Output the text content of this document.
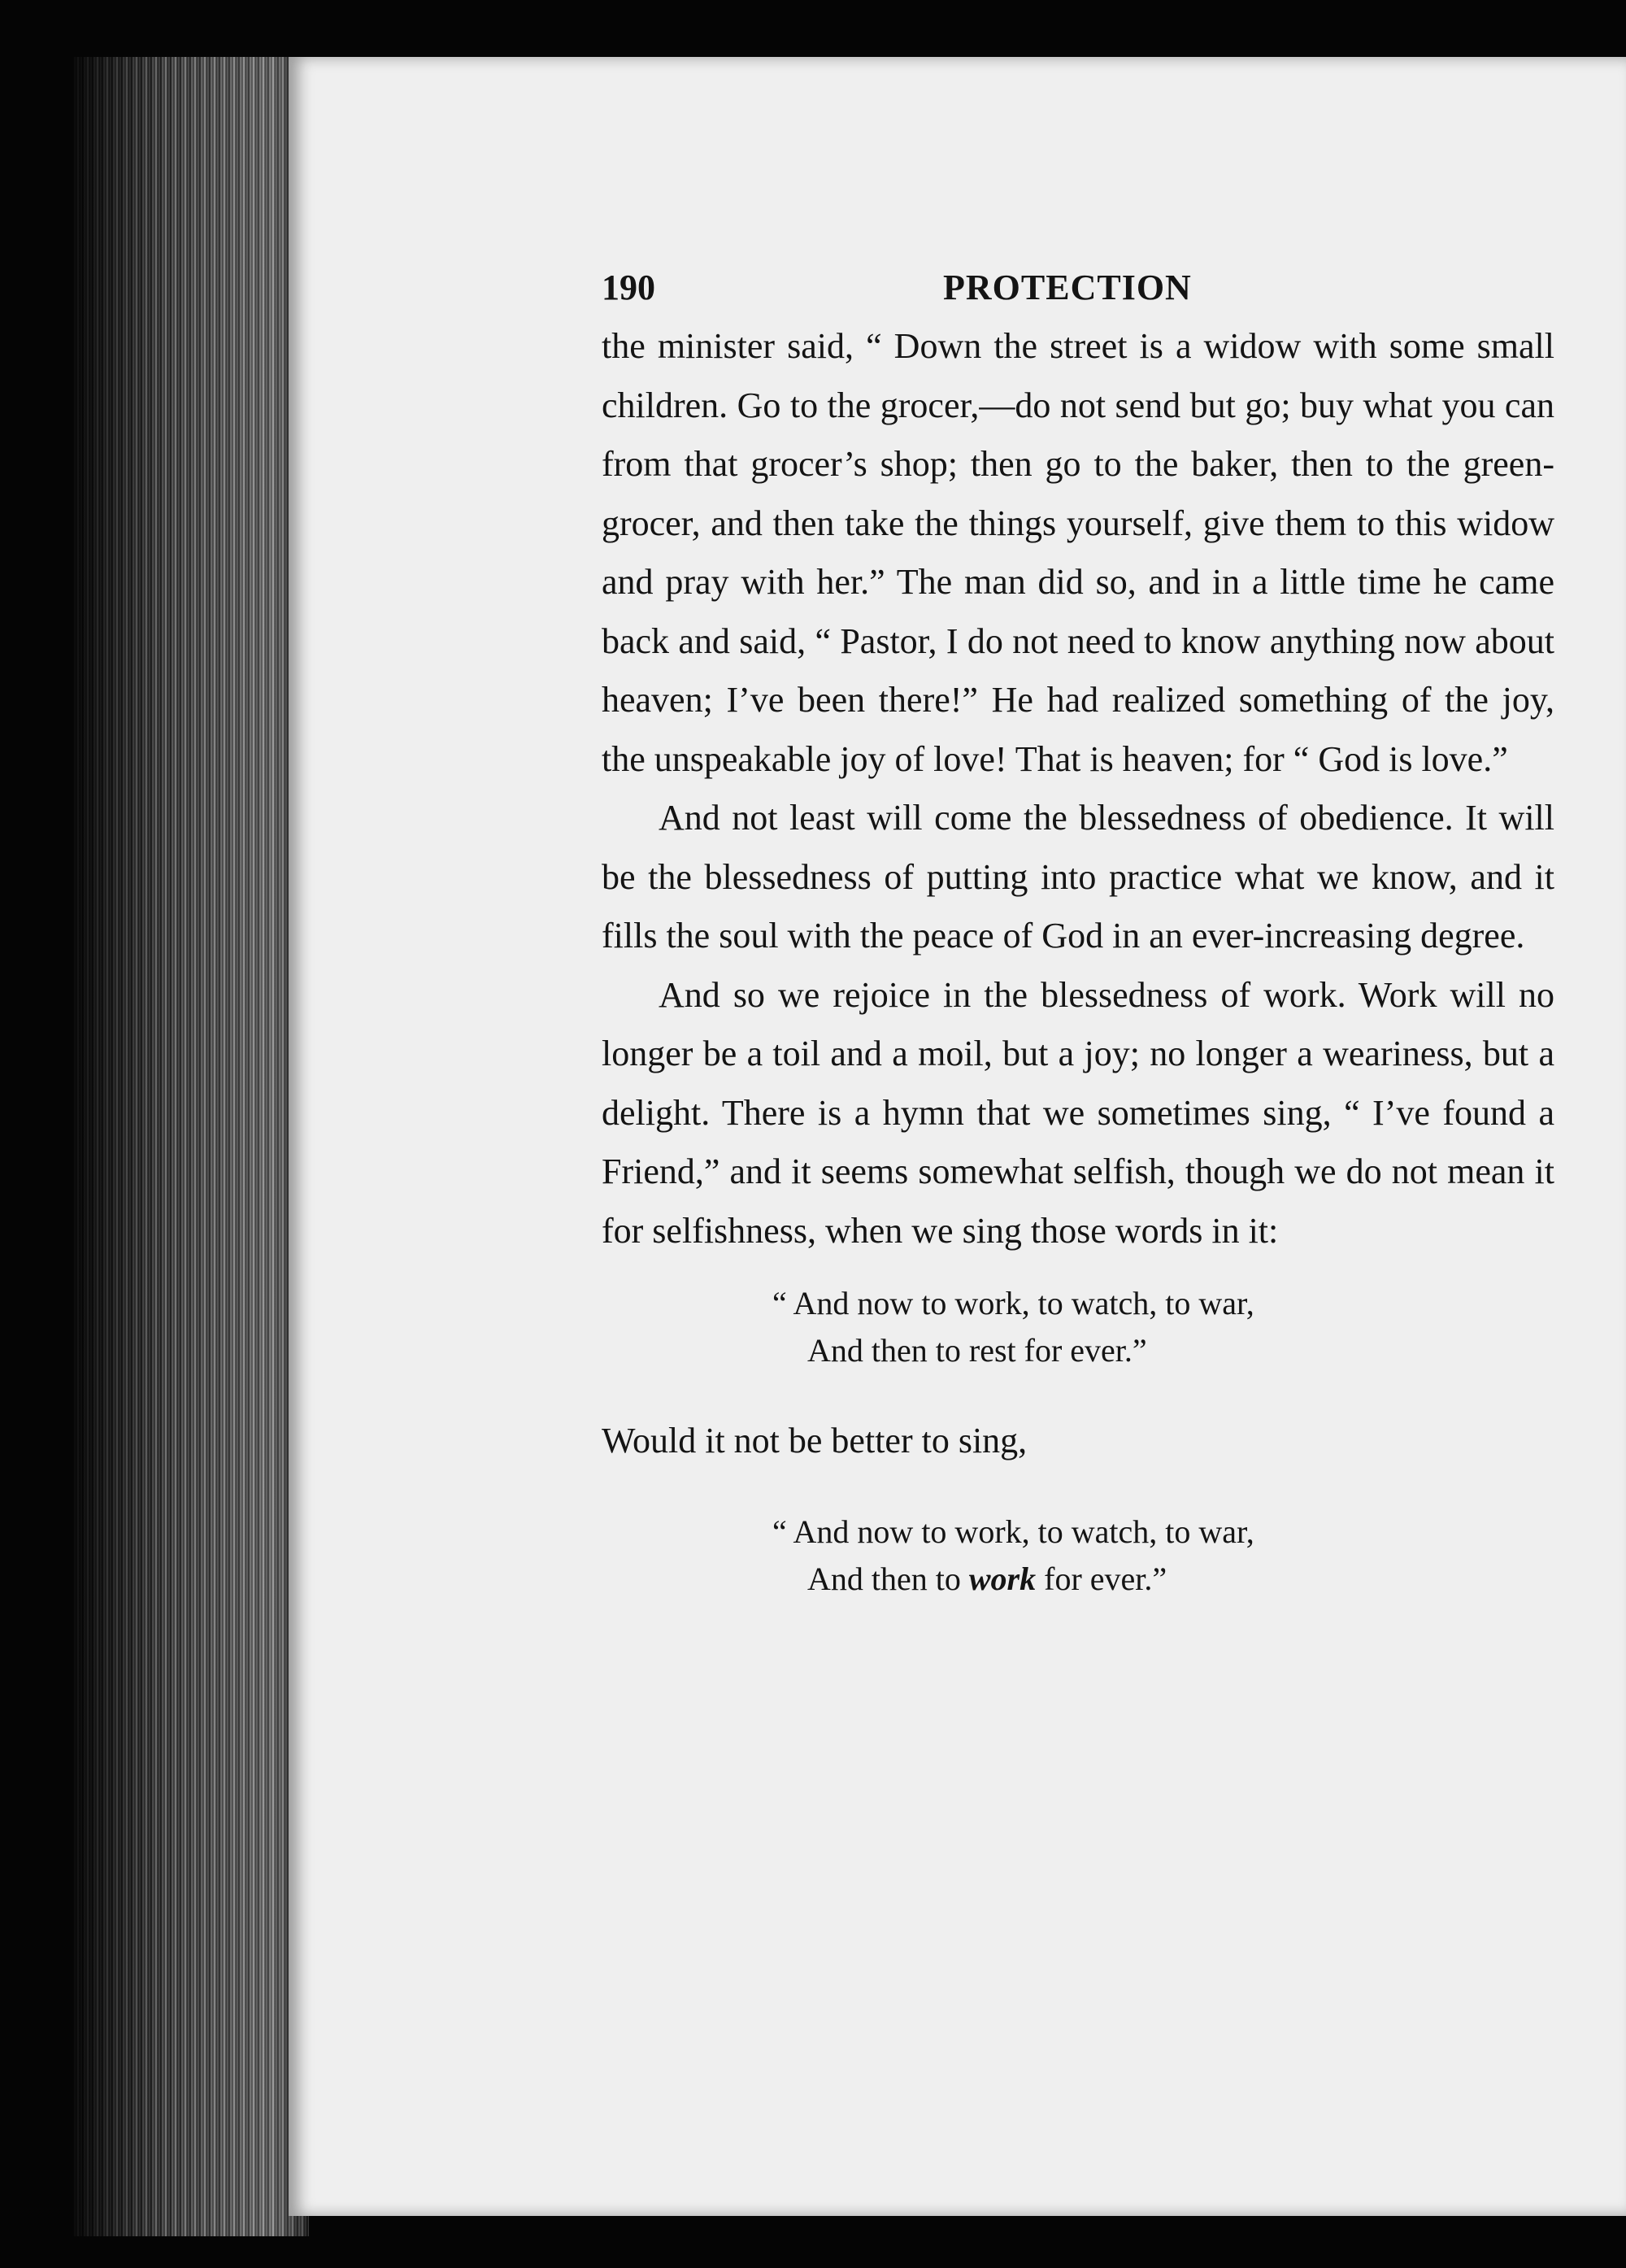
190	PROTECTION

the minister said, “ Down the street is a widow with some small children. Go to the grocer,—do not send but go; buy what you can from that grocer’s shop; then go to the baker, then to the green-grocer, and then take the things yourself, give them to this widow and pray with her.” The man did so, and in a little time he came back and said, “ Pastor, I do not need to know anything now about heaven; I’ve been there!” He had realized something of the joy, the unspeakable joy of love! That is heaven; for “ God is love.”

And not least will come the blessedness of obedience. It will be the blessedness of putting into practice what we know, and it fills the soul with the peace of God in an ever-increasing degree.

And so we rejoice in the blessedness of work. Work will no longer be a toil and a moil, but a joy; no longer a weariness, but a delight. There is a hymn that we sometimes sing, “ I’ve found a Friend,” and it seems somewhat selfish, though we do not mean it for selfishness, when we sing those words in it:

“ And now to work, to watch, to war,
And then to rest for ever.”

Would it not be better to sing,

“ And now to work, to watch, to war,
And then to work for ever.”
